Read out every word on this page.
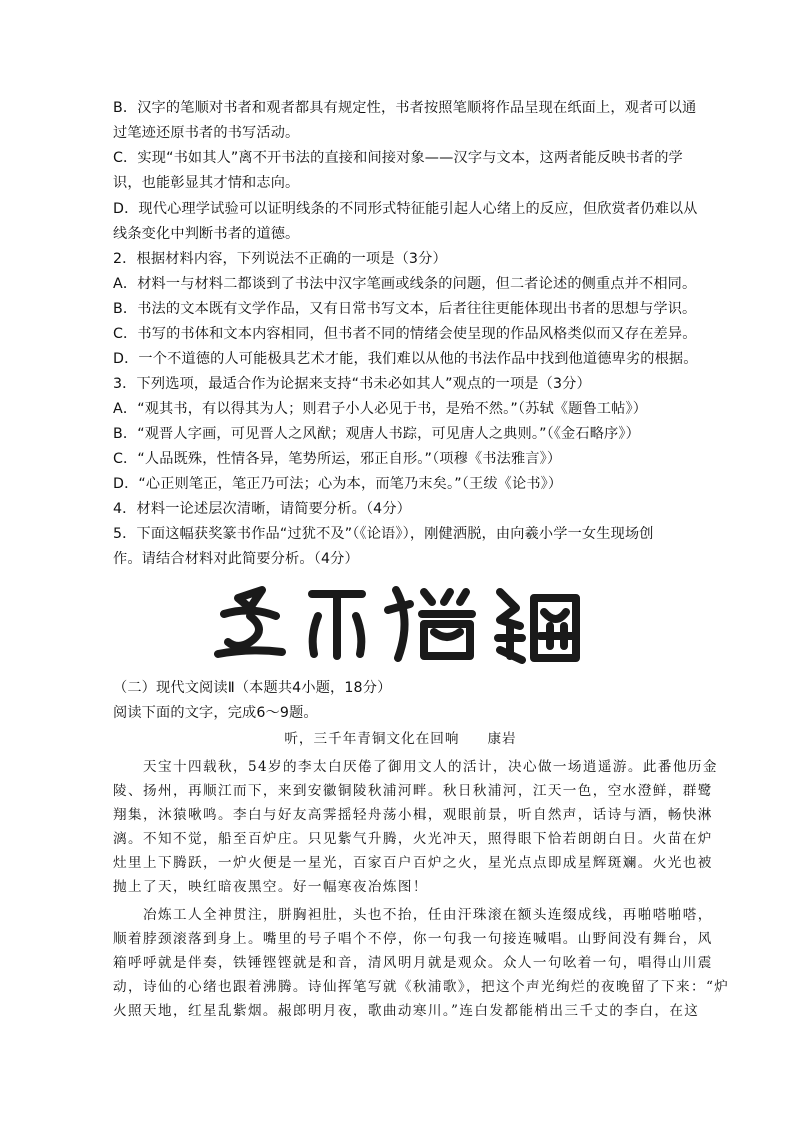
B．汉字的笔顺对书者和观者都具有规定性，书者按照笔顺将作品呈现在纸面上，观者可以通
过笔迹还原书者的书写活动。
C．实现“书如其人”离不开书法的直接和间接对象——汉字与文本，这两者能反映书者的学
识，也能彰显其才情和志向。
D．现代心理学试验可以证明线条的不同形式特征能引起人心绪上的反应，但欣赏者仍难以从
线条变化中判断书者的道德。
2．根据材料内容，下列说法不正确的一项是（3分）
A．材料一与材料二都谈到了书法中汉字笔画或线条的问题，但二者论述的侧重点并不相同。
B．书法的文本既有文学作品，又有日常书写文本，后者往往更能体现出书者的思想与学识。
C．书写的书体和文本内容相同，但书者不同的情绪会使呈现的作品风格类似而又存在差异。
D．一个不道德的人可能极具艺术才能，我们难以从他的书法作品中找到他道德卑劣的根据。
3．下列选项，最适合作为论据来支持“书未必如其人”观点的一项是（3分）
A．“观其书，有以得其为人；则君子小人必见于书，是殆不然。”（苏轼《题鲁工帖》）
B．“观晋人字画，可见晋人之风猷；观唐人书踪，可见唐人之典则。”（《金石略序》）
C．“人品既殊，性情各异，笔势所运，邪正自形。”（项穆《书法雅言》）
D．“心正则笔正，笔正乃可法；心为本，而笔乃末矣。”（王绂《论书》）
4．材料一论述层次清晰，请简要分析。（4分）
5．下面这幅获奖篆书作品“过犹不及”（《论语》），刚健洒脱，由向羲小学一女生现场创
作。请结合材料对此简要分析。（4分）
（二）现代文阅读Ⅱ（本题共4小题，18分）
阅读下面的文字，完成6～9题。
听，三千年青铜文化在回响 康岩
天宝十四载秋，54岁的李太白厌倦了御用文人的活计，决心做一场逍遥游。此番他历金
陵、扬州，再顺江而下，来到安徽铜陵秋浦河畔。秋日秋浦河，江天一色，空水澄鲜，群鹭
翔集，沐猿啾鸣。李白与好友高霁摇轻舟荡小楫，观眼前景，听自然声，话诗与酒，畅快淋
漓。不知不觉，船至百炉庄。只见紫气升腾，火光冲天，照得眼下恰若朗朗白日。火苗在炉
灶里上下腾跃，一炉火便是一星光，百家百户百炉之火，星光点点即成星辉斑斓。火光也被
抛上了天，映红暗夜黑空。好一幅寒夜冶炼图！
冶炼工人全神贯注，胼胸袒肚，头也不抬，任由汗珠滚在额头连缀成线，再啪嗒啪嗒，
顺着脖颈滚落到身上。嘴里的号子唱个不停，你一句我一句接连喊唱。山野间没有舞台，风
箱呼呼就是伴奏，铁锤铿铿就是和音，清风明月就是观众。众人一句吆着一句，唱得山川震
动，诗仙的心绪也跟着沸腾。诗仙挥笔写就《秋浦歌》，把这个声光绚烂的夜晚留了下来：“炉
火照天地，红星乱紫烟。赧郎明月夜，歌曲动寒川。”连白发都能梢出三千丈的李白，在这
